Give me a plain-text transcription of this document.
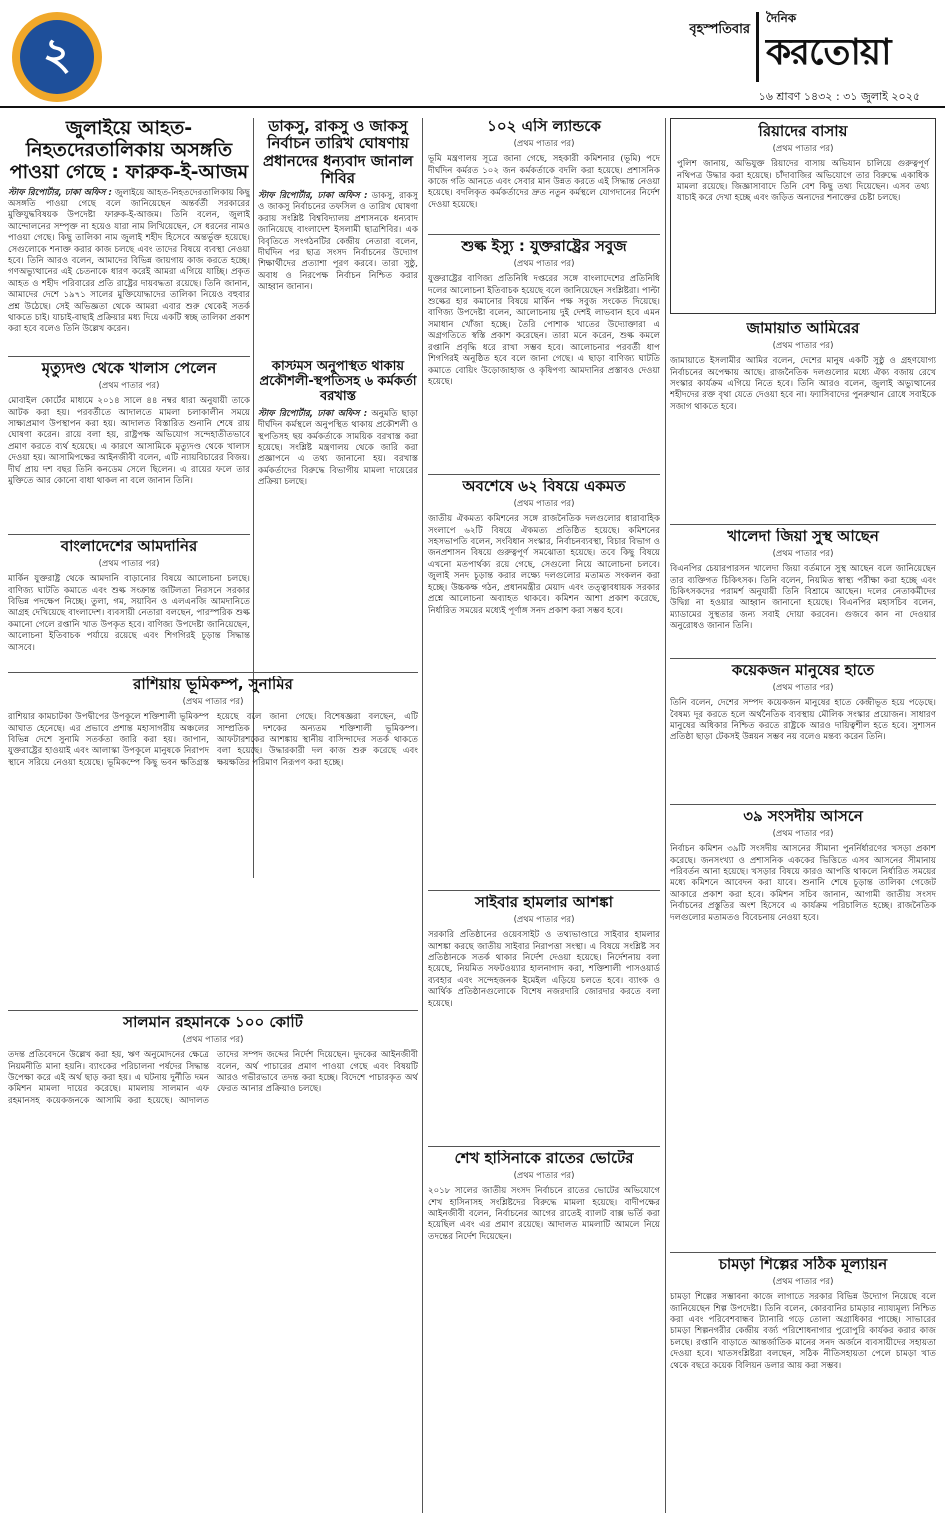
২	বৃহস্পতিবার
দৈনিক
করতোয়া
১৬ শ্রাবণ ১৪৩২ : ৩১ জুলাই ২০২৫
জুলাইয়ে আহত-নিহতদেরতালিকায় অসঙ্গতি পাওয়া গেছে : ফারুক-ই-আজম
স্টাফ রিপোর্টার, ঢাকা অফিস : জুলাইয়ে আহত-নিহতদেরতালিকায় কিছু অসঙ্গতি পাওয়া গেছে বলে জানিয়েছেন অন্তর্বর্তী সরকারের মুক্তিযুদ্ধবিষয়ক উপদেষ্টা ফারুক-ই-আজম। তিনি বলেন, জুলাই আন্দোলনের সম্পৃক্ত না হয়েও যারা নাম লিখিয়েছেন, সে ধরনের নামও পাওয়া গেছে। কিছু তালিকা নাম জুলাই শহীদ হিসেবে অন্তর্ভুক্ত হয়েছে। সেগুলোকে শনাক্ত করার কাজ চলছে এবং তাদের বিষয়ে ব্যবস্থা নেওয়া হবে। তিনি আরও বলেন, আমাদের বিভিন্ন জায়গায় কাজ করতে হচ্ছে। গণঅভ্যুত্থানের এই চেতনাকে ধারণ করেই আমরা এগিয়ে যাচ্ছি। প্রকৃত আহত ও শহীদ পরিবারের প্রতি রাষ্ট্রের দায়বদ্ধতা রয়েছে। তিনি জানান, আমাদের দেশে ১৯৭১ সালের মুক্তিযোদ্ধাদের তালিকা নিয়েও বহুবার প্রশ্ন উঠেছে। সেই অভিজ্ঞতা থেকে আমরা এবার শুরু থেকেই সতর্ক থাকতে চাই। যাচাই-বাছাই প্রক্রিয়ার মধ্য দিয়ে একটি স্বচ্ছ তালিকা প্রকাশ করা হবে বলেও তিনি উল্লেখ করেন।
ডাকসু, রাকসু ও জাকসু নির্বাচন তারিখ ঘোষণায় প্রধানদের ধন্যবাদ জানাল শিবির
স্টাফ রিপোর্টার, ঢাকা অফিস : ডাকসু, রাকসু ও জাকসু নির্বাচনের তফসিল ও তারিখ ঘোষণা করায় সংশ্লিষ্ট বিশ্ববিদ্যালয় প্রশাসনকে ধন্যবাদ জানিয়েছে বাংলাদেশ ইসলামী ছাত্রশিবির। এক বিবৃতিতে সংগঠনটির কেন্দ্রীয় নেতারা বলেন, দীর্ঘদিন পর ছাত্র সংসদ নির্বাচনের উদ্যোগ শিক্ষার্থীদের প্রত্যাশা পূরণ করবে। তারা সুষ্ঠু, অবাধ ও নিরপেক্ষ নির্বাচন নিশ্চিত করার আহ্বান জানান।
মৃত্যুদণ্ড থেকে খালাস পেলেন
(প্রথম পাতার পর)
মোবাইল কোর্টের মাধ্যমে ২০১৪ সালে ৪৪ নম্বর ধারা অনুযায়ী তাকে আটক করা হয়। পরবর্তীতে আদালতে মামলা চলাকালীন সময়ে সাক্ষ্যপ্রমাণ উপস্থাপন করা হয়। আদালত বিস্তারিত শুনানি শেষে রায় ঘোষণা করেন। রায়ে বলা হয়, রাষ্ট্রপক্ষ অভিযোগ সন্দেহাতীতভাবে প্রমাণ করতে ব্যর্থ হয়েছে। এ কারণে আসামিকে মৃত্যুদণ্ড থেকে খালাস দেওয়া হয়। আসামিপক্ষের আইনজীবী বলেন, এটি ন্যায়বিচারের বিজয়। দীর্ঘ প্রায় দশ বছর তিনি কনডেম সেলে ছিলেন। এ রায়ের ফলে তার মুক্তিতে আর কোনো বাধা থাকল না বলে জানান তিনি।
কাস্টমস অনুপস্থিত থাকায় প্রকৌশলী-স্থপতিসহ ৬ কর্মকর্তা বরখাস্ত
স্টাফ রিপোর্টার, ঢাকা অফিস : অনুমতি ছাড়া দীর্ঘদিন কর্মস্থলে অনুপস্থিত থাকায় প্রকৌশলী ও স্থপতিসহ ছয় কর্মকর্তাকে সাময়িক বরখাস্ত করা হয়েছে। সংশ্লিষ্ট মন্ত্রণালয় থেকে জারি করা প্রজ্ঞাপনে এ তথ্য জানানো হয়। বরখাস্ত কর্মকর্তাদের বিরুদ্ধে বিভাগীয় মামলা দায়েরের প্রক্রিয়া চলছে।
বাংলাদেশের আমদানির
(প্রথম পাতার পর)
মার্কিন যুক্তরাষ্ট্র থেকে আমদানি বাড়ানোর বিষয়ে আলোচনা চলছে। বাণিজ্য ঘাটতি কমাতে এবং শুল্ক সংক্রান্ত জটিলতা নিরসনে সরকার বিভিন্ন পদক্ষেপ নিচ্ছে। তুলা, গম, সয়াবিন ও এলএনজি আমদানিতে আগ্রহ দেখিয়েছে বাংলাদেশ। ব্যবসায়ী নেতারা বলছেন, পারস্পরিক শুল্ক কমানো গেলে রপ্তানি খাত উপকৃত হবে। বাণিজ্য উপদেষ্টা জানিয়েছেন, আলোচনা ইতিবাচক পর্যায়ে রয়েছে এবং শিগগিরই চূড়ান্ত সিদ্ধান্ত আসবে।
রাশিয়ায় ভূমিকম্প, সুনামির
(প্রথম পাতার পর)
রাশিয়ার কামচাটকা উপদ্বীপের উপকূলে শক্তিশালী ভূমিকম্প আঘাত হেনেছে। এর প্রভাবে প্রশান্ত মহাসাগরীয় অঞ্চলের বিভিন্ন দেশে সুনামি সতর্কতা জারি করা হয়। জাপান, যুক্তরাষ্ট্রের হাওয়াই এবং আলাস্কা উপকূলে মানুষকে নিরাপদ স্থানে সরিয়ে নেওয়া হয়েছে। ভূমিকম্পে কিছু ভবন ক্ষতিগ্রস্ত হয়েছে বলে জানা গেছে। বিশেষজ্ঞরা বলছেন, এটি সাম্প্রতিক দশকের অন্যতম শক্তিশালী ভূমিকম্প। আফটারশকের আশঙ্কায় স্থানীয় বাসিন্দাদের সতর্ক থাকতে বলা হয়েছে। উদ্ধারকারী দল কাজ শুরু করেছে এবং ক্ষয়ক্ষতির পরিমাণ নিরূপণ করা হচ্ছে।
সালমান রহমানকে ১০০ কোটি
(প্রথম পাতার পর)
তদন্ত প্রতিবেদনে উল্লেখ করা হয়, ঋণ অনুমোদনের ক্ষেত্রে নিয়মনীতি মানা হয়নি। ব্যাংকের পরিচালনা পর্ষদের সিদ্ধান্ত উপেক্ষা করে এই অর্থ ছাড় করা হয়। এ ঘটনায় দুর্নীতি দমন কমিশন মামলা দায়ের করেছে। মামলায় সালমান এফ রহমানসহ কয়েকজনকে আসামি করা হয়েছে। আদালত তাদের সম্পদ জব্দের নির্দেশ দিয়েছেন। দুদকের আইনজীবী বলেন, অর্থ পাচারের প্রমাণ পাওয়া গেছে এবং বিষয়টি আরও গভীরভাবে তদন্ত করা হচ্ছে। বিদেশে পাচারকৃত অর্থ ফেরত আনার প্রক্রিয়াও চলছে।
১০২ এসি ল্যান্ডকে
(প্রথম পাতার পর)
ভূমি মন্ত্রণালয় সূত্রে জানা গেছে, সহকারী কমিশনার (ভূমি) পদে দীর্ঘদিন কর্মরত ১০২ জন কর্মকর্তাকে বদলি করা হয়েছে। প্রশাসনিক কাজে গতি আনতে এবং সেবার মান উন্নত করতে এই সিদ্ধান্ত নেওয়া হয়েছে। বদলিকৃত কর্মকর্তাদের দ্রুত নতুন কর্মস্থলে যোগদানের নির্দেশ দেওয়া হয়েছে।
শুল্ক ইস্যু : যুক্তরাষ্ট্রের সবুজ
(প্রথম পাতার পর)
যুক্তরাষ্ট্রের বাণিজ্য প্রতিনিধি দপ্তরের সঙ্গে বাংলাদেশের প্রতিনিধি দলের আলোচনা ইতিবাচক হয়েছে বলে জানিয়েছেন সংশ্লিষ্টরা। পাল্টা শুল্কের হার কমানোর বিষয়ে মার্কিন পক্ষ সবুজ সংকেত দিয়েছে। বাণিজ্য উপদেষ্টা বলেন, আলোচনায় দুই দেশই লাভবান হবে এমন সমাধান খোঁজা হচ্ছে। তৈরি পোশাক খাতের উদ্যোক্তারা এ অগ্রগতিতে স্বস্তি প্রকাশ করেছেন। তারা মনে করেন, শুল্ক কমলে রপ্তানি প্রবৃদ্ধি ধরে রাখা সম্ভব হবে। আলোচনার পরবর্তী ধাপ শিগগিরই অনুষ্ঠিত হবে বলে জানা গেছে। এ ছাড়া বাণিজ্য ঘাটতি কমাতে বোয়িং উড়োজাহাজ ও কৃষিপণ্য আমদানির প্রস্তাবও দেওয়া হয়েছে।
অবশেষে ৬২ বিষয়ে একমত
(প্রথম পাতার পর)
জাতীয় ঐকমত্য কমিশনের সঙ্গে রাজনৈতিক দলগুলোর ধারাবাহিক সংলাপে ৬২টি বিষয়ে ঐকমত্য প্রতিষ্ঠিত হয়েছে। কমিশনের সহসভাপতি বলেন, সংবিধান সংস্কার, নির্বাচনব্যবস্থা, বিচার বিভাগ ও জনপ্রশাসন বিষয়ে গুরুত্বপূর্ণ সমঝোতা হয়েছে। তবে কিছু বিষয়ে এখনো মতপার্থক্য রয়ে গেছে, সেগুলো নিয়ে আলোচনা চলবে। জুলাই সনদ চূড়ান্ত করার লক্ষ্যে দলগুলোর মতামত সংকলন করা হচ্ছে। উচ্চকক্ষ গঠন, প্রধানমন্ত্রীর মেয়াদ এবং তত্ত্বাবধায়ক সরকার প্রশ্নে আলোচনা অব্যাহত থাকবে। কমিশন আশা প্রকাশ করেছে, নির্ধারিত সময়ের মধ্যেই পূর্ণাঙ্গ সনদ প্রকাশ করা সম্ভব হবে।
সাইবার হামলার আশঙ্কা
(প্রথম পাতার পর)
সরকারি প্রতিষ্ঠানের ওয়েবসাইট ও তথ্যভাণ্ডারে সাইবার হামলার আশঙ্কা করছে জাতীয় সাইবার নিরাপত্তা সংস্থা। এ বিষয়ে সংশ্লিষ্ট সব প্রতিষ্ঠানকে সতর্ক থাকার নির্দেশ দেওয়া হয়েছে। নির্দেশনায় বলা হয়েছে, নিয়মিত সফটওয়্যার হালনাগাদ করা, শক্তিশালী পাসওয়ার্ড ব্যবহার এবং সন্দেহজনক ইমেইল এড়িয়ে চলতে হবে। ব্যাংক ও আর্থিক প্রতিষ্ঠানগুলোকে বিশেষ নজরদারি জোরদার করতে বলা হয়েছে।
শেখ হাসিনাকে রাতের ভোটের
(প্রথম পাতার পর)
২০১৮ সালের জাতীয় সংসদ নির্বাচনে রাতের ভোটের অভিযোগে শেখ হাসিনাসহ সংশ্লিষ্টদের বিরুদ্ধে মামলা হয়েছে। বাদীপক্ষের আইনজীবী বলেন, নির্বাচনের আগের রাতেই ব্যালট বাক্স ভর্তি করা হয়েছিল এবং এর প্রমাণ রয়েছে। আদালত মামলাটি আমলে নিয়ে তদন্তের নির্দেশ দিয়েছেন।
রিয়াদের বাসায়
(প্রথম পাতার পর)
পুলিশ জানায়, অভিযুক্ত রিয়াদের বাসায় অভিযান চালিয়ে গুরুত্বপূর্ণ নথিপত্র উদ্ধার করা হয়েছে। চাঁদাবাজির অভিযোগে তার বিরুদ্ধে একাধিক মামলা রয়েছে। জিজ্ঞাসাবাদে তিনি বেশ কিছু তথ্য দিয়েছেন। এসব তথ্য যাচাই করে দেখা হচ্ছে এবং জড়িত অন্যদের শনাক্তের চেষ্টা চলছে।
জামায়াত আমিরের
(প্রথম পাতার পর)
জামায়াতে ইসলামীর আমির বলেন, দেশের মানুষ একটি সুষ্ঠু ও গ্রহণযোগ্য নির্বাচনের অপেক্ষায় আছে। রাজনৈতিক দলগুলোর মধ্যে ঐক্য বজায় রেখে সংস্কার কার্যক্রম এগিয়ে নিতে হবে। তিনি আরও বলেন, জুলাই অভ্যুত্থানের শহীদদের রক্ত বৃথা যেতে দেওয়া হবে না। ফ্যাসিবাদের পুনরুত্থান রোধে সবাইকে সজাগ থাকতে হবে।
খালেদা জিয়া সুস্থ আছেন
(প্রথম পাতার পর)
বিএনপির চেয়ারপারসন খালেদা জিয়া বর্তমানে সুস্থ আছেন বলে জানিয়েছেন তার ব্যক্তিগত চিকিৎসক। তিনি বলেন, নিয়মিত স্বাস্থ্য পরীক্ষা করা হচ্ছে এবং চিকিৎসকদের পরামর্শ অনুযায়ী তিনি বিশ্রামে আছেন। দলের নেতাকর্মীদের উদ্বিগ্ন না হওয়ার আহ্বান জানানো হয়েছে। বিএনপির মহাসচিব বলেন, ম্যাডামের সুস্থতার জন্য সবাই দোয়া করবেন। গুজবে কান না দেওয়ার অনুরোধও জানান তিনি।
কয়েকজন মানুষের হাতে
(প্রথম পাতার পর)
তিনি বলেন, দেশের সম্পদ কয়েকজন মানুষের হাতে কেন্দ্রীভূত হয়ে পড়েছে। বৈষম্য দূর করতে হলে অর্থনৈতিক ব্যবস্থায় মৌলিক সংস্কার প্রয়োজন। সাধারণ মানুষের অধিকার নিশ্চিত করতে রাষ্ট্রকে আরও দায়িত্বশীল হতে হবে। সুশাসন প্রতিষ্ঠা ছাড়া টেকসই উন্নয়ন সম্ভব নয় বলেও মন্তব্য করেন তিনি।
৩৯ সংসদীয় আসনে
(প্রথম পাতার পর)
নির্বাচন কমিশন ৩৯টি সংসদীয় আসনের সীমানা পুনর্নির্ধারণের খসড়া প্রকাশ করেছে। জনসংখ্যা ও প্রশাসনিক এককের ভিত্তিতে এসব আসনের সীমানায় পরিবর্তন আনা হয়েছে। খসড়ার বিষয়ে কারও আপত্তি থাকলে নির্ধারিত সময়ের মধ্যে কমিশনে আবেদন করা যাবে। শুনানি শেষে চূড়ান্ত তালিকা গেজেট আকারে প্রকাশ করা হবে। কমিশন সচিব জানান, আগামী জাতীয় সংসদ নির্বাচনের প্রস্তুতির অংশ হিসেবে এ কার্যক্রম পরিচালিত হচ্ছে। রাজনৈতিক দলগুলোর মতামতও বিবেচনায় নেওয়া হবে।
চামড়া শিল্পের সঠিক মূল্যায়ন
(প্রথম পাতার পর)
চামড়া শিল্পের সম্ভাবনা কাজে লাগাতে সরকার বিভিন্ন উদ্যোগ নিয়েছে বলে জানিয়েছেন শিল্প উপদেষ্টা। তিনি বলেন, কোরবানির চামড়ার ন্যায্যমূল্য নিশ্চিত করা এবং পরিবেশবান্ধব ট্যানারি গড়ে তোলা অগ্রাধিকার পাচ্ছে। সাভারের চামড়া শিল্পনগরীর কেন্দ্রীয় বর্জ্য পরিশোধনাগার পুরোপুরি কার্যকর করার কাজ চলছে। রপ্তানি বাড়াতে আন্তর্জাতিক মানের সনদ অর্জনে ব্যবসায়ীদের সহায়তা দেওয়া হবে। খাতসংশ্লিষ্টরা বলছেন, সঠিক নীতিসহায়তা পেলে চামড়া খাত থেকে বছরে কয়েক বিলিয়ন ডলার আয় করা সম্ভব।
